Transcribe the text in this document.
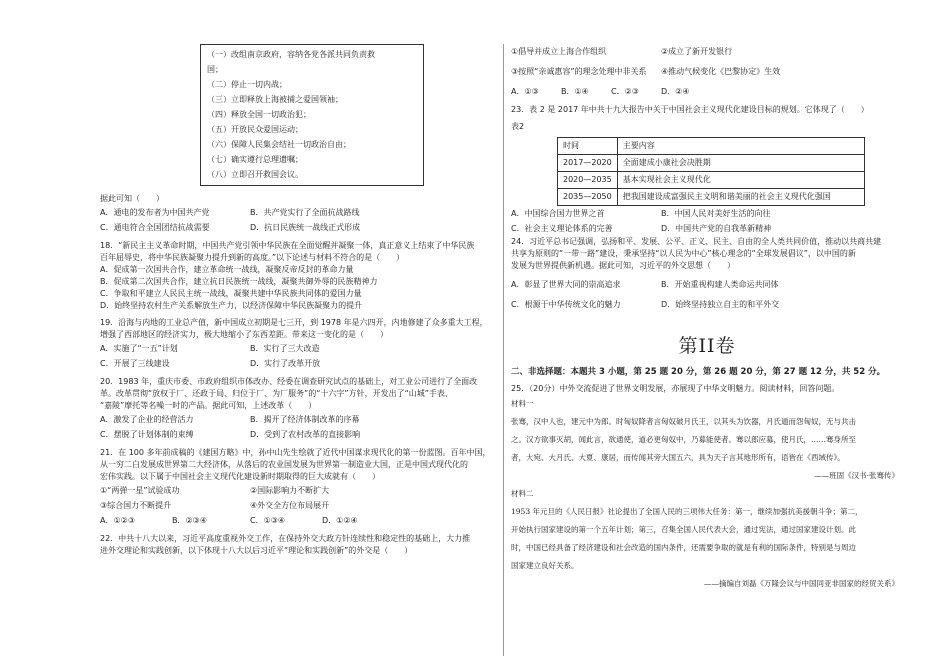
（一）改组南京政府，容纳各党各派共同负责救
国；
（二）停止一切内战；
（三）立即释放上海被捕之爱国领袖；
（四）释放全国一切政治犯；
（五）开放民众爱国运动；
（六）保障人民集会结社一切政治自由；
（七）确实遵行总理遗嘱；
（八）立即召开救国会议。
据此可知（　　）
A．通电的发布者为中国共产党	B．共产党实行了全面抗战路线
C．通电符合全国团结抗战需要	D．抗日民族统一战线正式形成
18．“新民主主义革命时期，中国共产党引领中华民族在全面觉醒并凝聚一体，真正意义上结束了中华民族
百年屈辱史，将中华民族凝聚力提升到新的高度。”以下论述与材料不符合的是（　　）
A．促成第一次国共合作，建立革命统一战线，凝聚反帝反封的革命力量
B．促成第二次国共合作，建立抗日民族统一战线，凝聚共御外辱的民族精神力
C．争取和平建立人民民主统一战线，凝聚共建中华民族共同体的爱国力量
D．始终坚持农村生产关系解放生产力，以经济保障中华民族凝聚力的提升
19．沿海与内地的工业总产值，新中国成立初期是七三开，到 1978 年是六四开，内地修建了众多重大工程，
增强了西部地区的经济实力，极大地缩小了东西差距。带来这一变化的是（　　）
A．实施了“一五”计划	B．实行了三大改造
C．开展了三线建设	D．实行了改革开放
20．1983 年，重庆市委、市政府组织市体改办、经委在调查研究试点的基础上，对工业公司进行了全面改
革。改革贯彻“放权于厂、还政于局、归位于厂、为厂服务”的“十六字”方针，开发出了“山城”手表、
“嘉陵”摩托等名噪一时的产品。据此可知，上述改革（　　）
A．激发了企业的经营活力	B．揭开了经济体制改革的序幕
C．摆脱了计划体制的束缚	D．受到了农村改革的直接影响
21．在 100 多年前成稿的《建国方略》中，孙中山先生绘就了近代中国谋求现代化的第一份蓝图。百年中国，
从一穷二白发展成世界第二大经济体，从落后的农业国发展为世界第一制造业大国，正是中国式现代化的
宏伟实践。以下属于中国社会主义现代化建设新时期取得的巨大成就有（　　）
①“两弹一星”试验成功	②国际影响力不断扩大
③综合国力不断提升	④外交全方位布局展开
A．①②③	B．②③④	C．①③④	D．①②④
22．中共十八大以来，习近平高度重视外交工作，在保持外交大政方针连续性和稳定性的基础上，大力推
进外交理论和实践创新，以下体现十八大以后习近平“理论和实践创新”的外交是（　　）
①倡导并成立上海合作组织	②成立了新开发银行
③按照“亲诚惠容”的理念处理中非关系 ④推动气候变化《巴黎协定》生效
A．①③	B．①④	C．②③	D．②④
23．表 2 是 2017 年中共十九大报告中关于中国社会主义现代化建设目标的规划。它体现了（　　）
表2
时间	主要内容
2017—2020	全面建成小康社会决胜期
2020—2035	基本实现社会主义现代化
2035—2050	把我国建设成富强民主文明和谐美丽的社会主义现代化强国
A．中国综合国力世界之首	B．中国人民对美好生活的向往
C．社会主义理论体系的完善	D．中国共产党的自我革新精神
24．习近平总书记强调，弘扬和平、发展、公平、正义、民主、自由的全人类共同价值，推动以共商共建
共享为原则的“一带一路”建设，秉承坚持“以人民为中心”核心理念的“全球发展倡议”，以中国的新
发展为世界提供新机遇。据此可知，习近平的外交思想（　　）
A．彰显了世界大同的崇高追求	B．开始重视构建人类命运共同体
C．根源于中华传统文化的魅力	D．始终坚持独立自主的和平外交
第II卷
二、非选择题：本题共 3 小题，第 25 题 20 分，第 26 题 20 分，第 27 题 12 分，共 52 分。
25．（20分）中外交流促进了世界文明发展，亦展现了中华文明魅力。阅读材料，回答问题。
材料一
张骞，汉中人也，建元中为郎。时匈奴降者言匈奴破月氏王，以其头为饮器，月氏遁而怨匈奴，无与共击
之。汉方欲事灭胡，闻此言，欲通使，道必更匈奴中，乃募能使者。骞以郎应募，使月氏，……骞身所至
者，大宛、大月氏、大夏、康居，而传闻其旁大国五六，具为天子言其地形所有，语皆在《西域传》。
——班固《汉书·张骞传》
材料二
1953 年元旦的《人民日报》社论提出了全国人民的三项伟大任务：第一，继续加强抗美援朝斗争；第二，
开始执行国家建设的第一个五年计划；第三，召集全国人民代表大会，通过宪法，通过国家建设计划。此
时，中国已经具备了经济建设和社会改造的国内条件，还需要争取的就是有利的国际条件，特别是与周边
国家建立良好关系。
——摘编自刘磊《万隆会议与中国同亚非国家的经贸关系》
